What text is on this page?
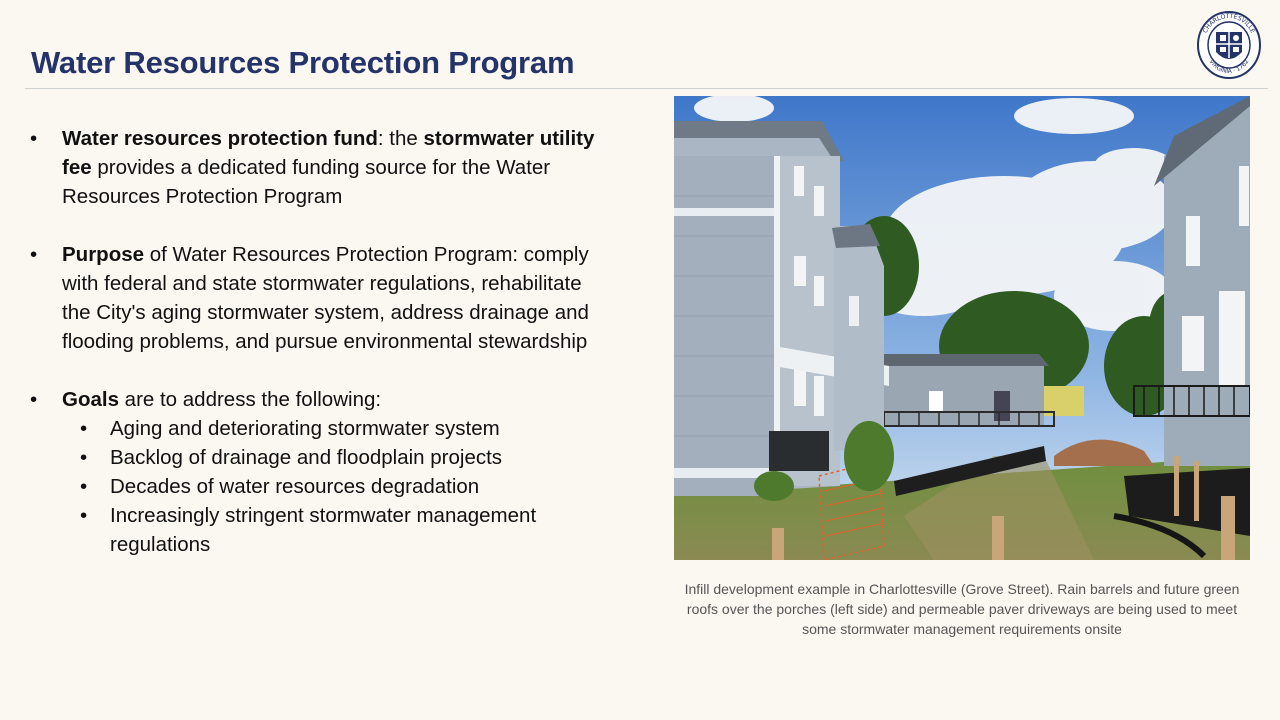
Water Resources Protection Program
CHARLOTTESVILLE
VIRGINIA · 1762
• Water resources protection fund: the stormwater utility fee provides a dedicated funding source for the Water Resources Protection Program
• Purpose of Water Resources Protection Program: comply with federal and state stormwater regulations, rehabilitate the City's aging stormwater system, address drainage and flooding problems, and pursue environmental stewardship
• Goals are to address the following:
• Aging and deteriorating stormwater system
• Backlog of drainage and floodplain projects
• Decades of water resources degradation
• Increasingly stringent stormwater management regulations
Infill development example in Charlottesville (Grove Street). Rain barrels and future green roofs over the porches (left side) and permeable paver driveways are being used to meet some stormwater management requirements onsite
